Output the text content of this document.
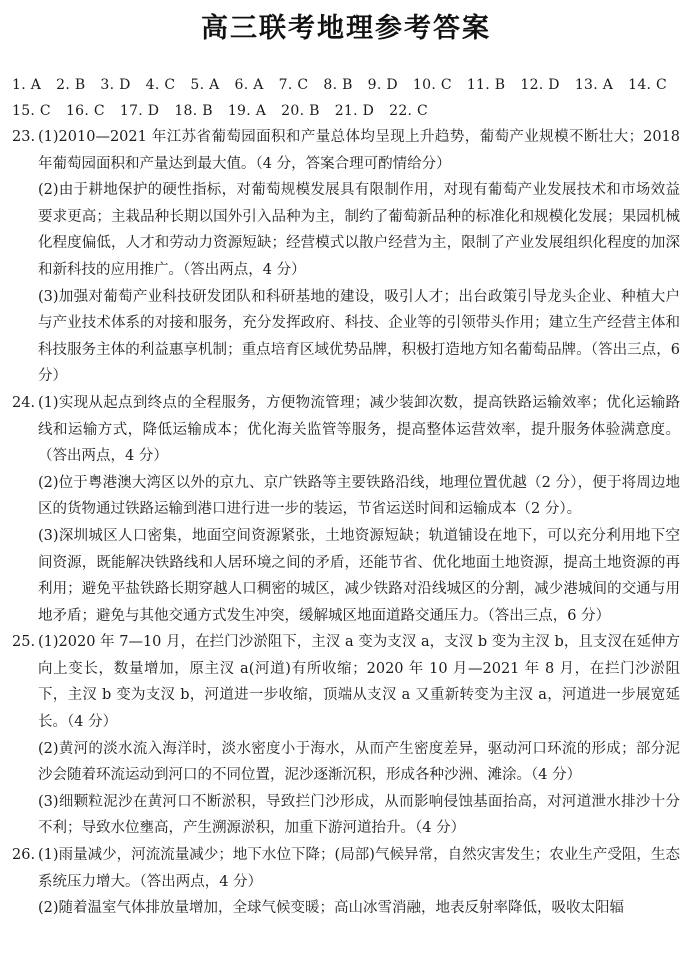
高三联考地理参考答案
1. A 2. B 3. D 4. C 5. A 6. A 7. C 8. B 9. D 10. C 11. B 12. D 13. A 14. C
15. C 16. C 17. D 18. B 19. A 20. B 21. D 22. C
23. (1)2010—2021 年江苏省葡萄园面积和产量总体均呈现上升趋势，葡萄产业规模不断壮大；2018 年葡萄园面积和产量达到最大值。（4 分，答案合理可酌情给分）

(2)由于耕地保护的硬性指标，对葡萄规模发展具有限制作用，对现有葡萄产业发展技术和市场效益要求更高；主栽品种长期以国外引入品种为主，制约了葡萄新品种的标准化和规模化发展；果园机械化程度偏低，人才和劳动力资源短缺；经营模式以散户经营为主，限制了产业发展组织化程度的加深和新科技的应用推广。（答出两点，4 分）

(3)加强对葡萄产业科技研发团队和科研基地的建设，吸引人才；出台政策引导龙头企业、种植大户与产业技术体系的对接和服务，充分发挥政府、科技、企业等的引领带头作用；建立生产经营主体和科技服务主体的利益惠享机制；重点培育区域优势品牌，积极打造地方知名葡萄品牌。（答出三点，6 分）

24. (1)实现从起点到终点的全程服务，方便物流管理；减少装卸次数，提高铁路运输效率；优化运输路线和运输方式，降低运输成本；优化海关监管等服务，提高整体运营效率，提升服务体验满意度。（答出两点，4 分）

(2)位于粤港澳大湾区以外的京九、京广铁路等主要铁路沿线，地理位置优越（2 分），便于将周边地区的货物通过铁路运输到港口进行进一步的装运，节省运送时间和运输成本（2 分）。

(3)深圳城区人口密集，地面空间资源紧张，土地资源短缺；轨道铺设在地下，可以充分利用地下空间资源，既能解决铁路线和人居环境之间的矛盾，还能节省、优化地面土地资源，提高土地资源的再利用；避免平盐铁路长期穿越人口稠密的城区，减少铁路对沿线城区的分割，减少港城间的交通与用地矛盾；避免与其他交通方式发生冲突，缓解城区地面道路交通压力。（答出三点，6 分）

25. (1)2020 年 7—10 月，在拦门沙淤阻下，主汊 a 变为支汊 a，支汊 b 变为主汊 b，且支汊在延伸方向上变长，数量增加，原主汊 a(河道)有所收缩；2020 年 10 月—2021 年 8 月，在拦门沙淤阻下，主汊 b 变为支汊 b，河道进一步收缩，顶端从支汊 a 又重新转变为主汊 a，河道进一步展宽延长。（4 分）

(2)黄河的淡水流入海洋时，淡水密度小于海水，从而产生密度差异，驱动河口环流的形成；部分泥沙会随着环流运动到河口的不同位置，泥沙逐渐沉积，形成各种沙洲、滩涂。（4 分）

(3)细颗粒泥沙在黄河口不断淤积，导致拦门沙形成，从而影响侵蚀基面抬高，对河道泄水排沙十分不利；导致水位壅高，产生溯源淤积，加重下游河道抬升。（4 分）

26. (1)雨量减少，河流流量减少；地下水位下降；(局部)气候异常，自然灾害发生；农业生产受阻，生态系统压力增大。（答出两点，4 分）

(2)随着温室气体排放量增加，全球气候变暖；高山冰雪消融，地表反射率降低，吸收太阳辐
